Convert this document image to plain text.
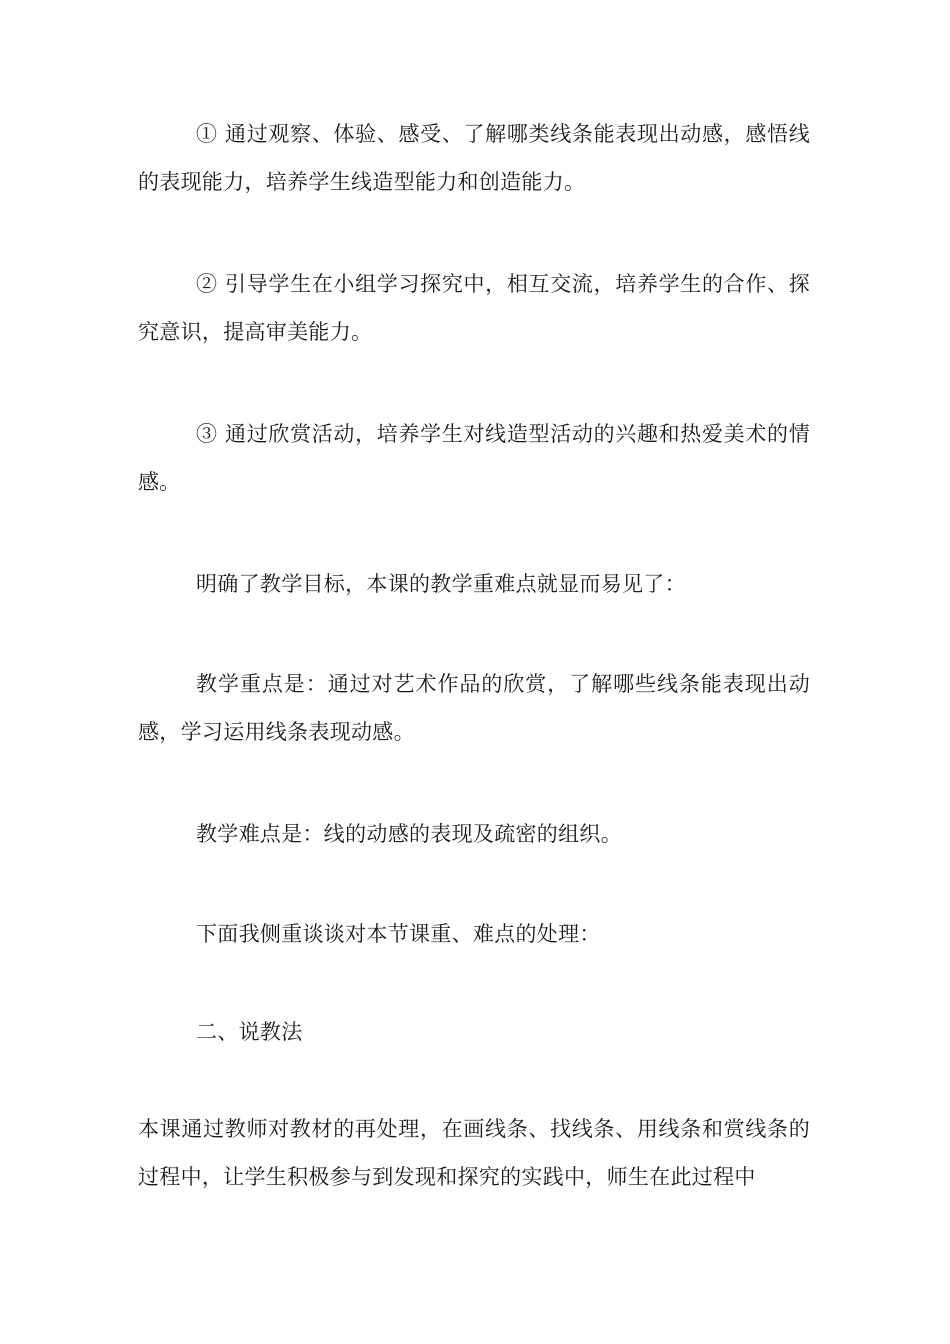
① 通过观察、体验、感受、了解哪类线条能表现出动感，感悟线的表现能力，培养学生线造型能力和创造能力。

② 引导学生在小组学习探究中，相互交流，培养学生的合作、探究意识，提高审美能力。

③ 通过欣赏活动，培养学生对线造型活动的兴趣和热爱美术的情感。

明确了教学目标，本课的教学重难点就显而易见了：

教学重点是：通过对艺术作品的欣赏，了解哪些线条能表现出动感，学习运用线条表现动感。

教学难点是：线的动感的表现及疏密的组织。

下面我侧重谈谈对本节课重、难点的处理：

二、说教法

本课通过教师对教材的再处理，在画线条、找线条、用线条和赏线条的过程中，让学生积极参与到发现和探究的实践中，师生在此过程中
